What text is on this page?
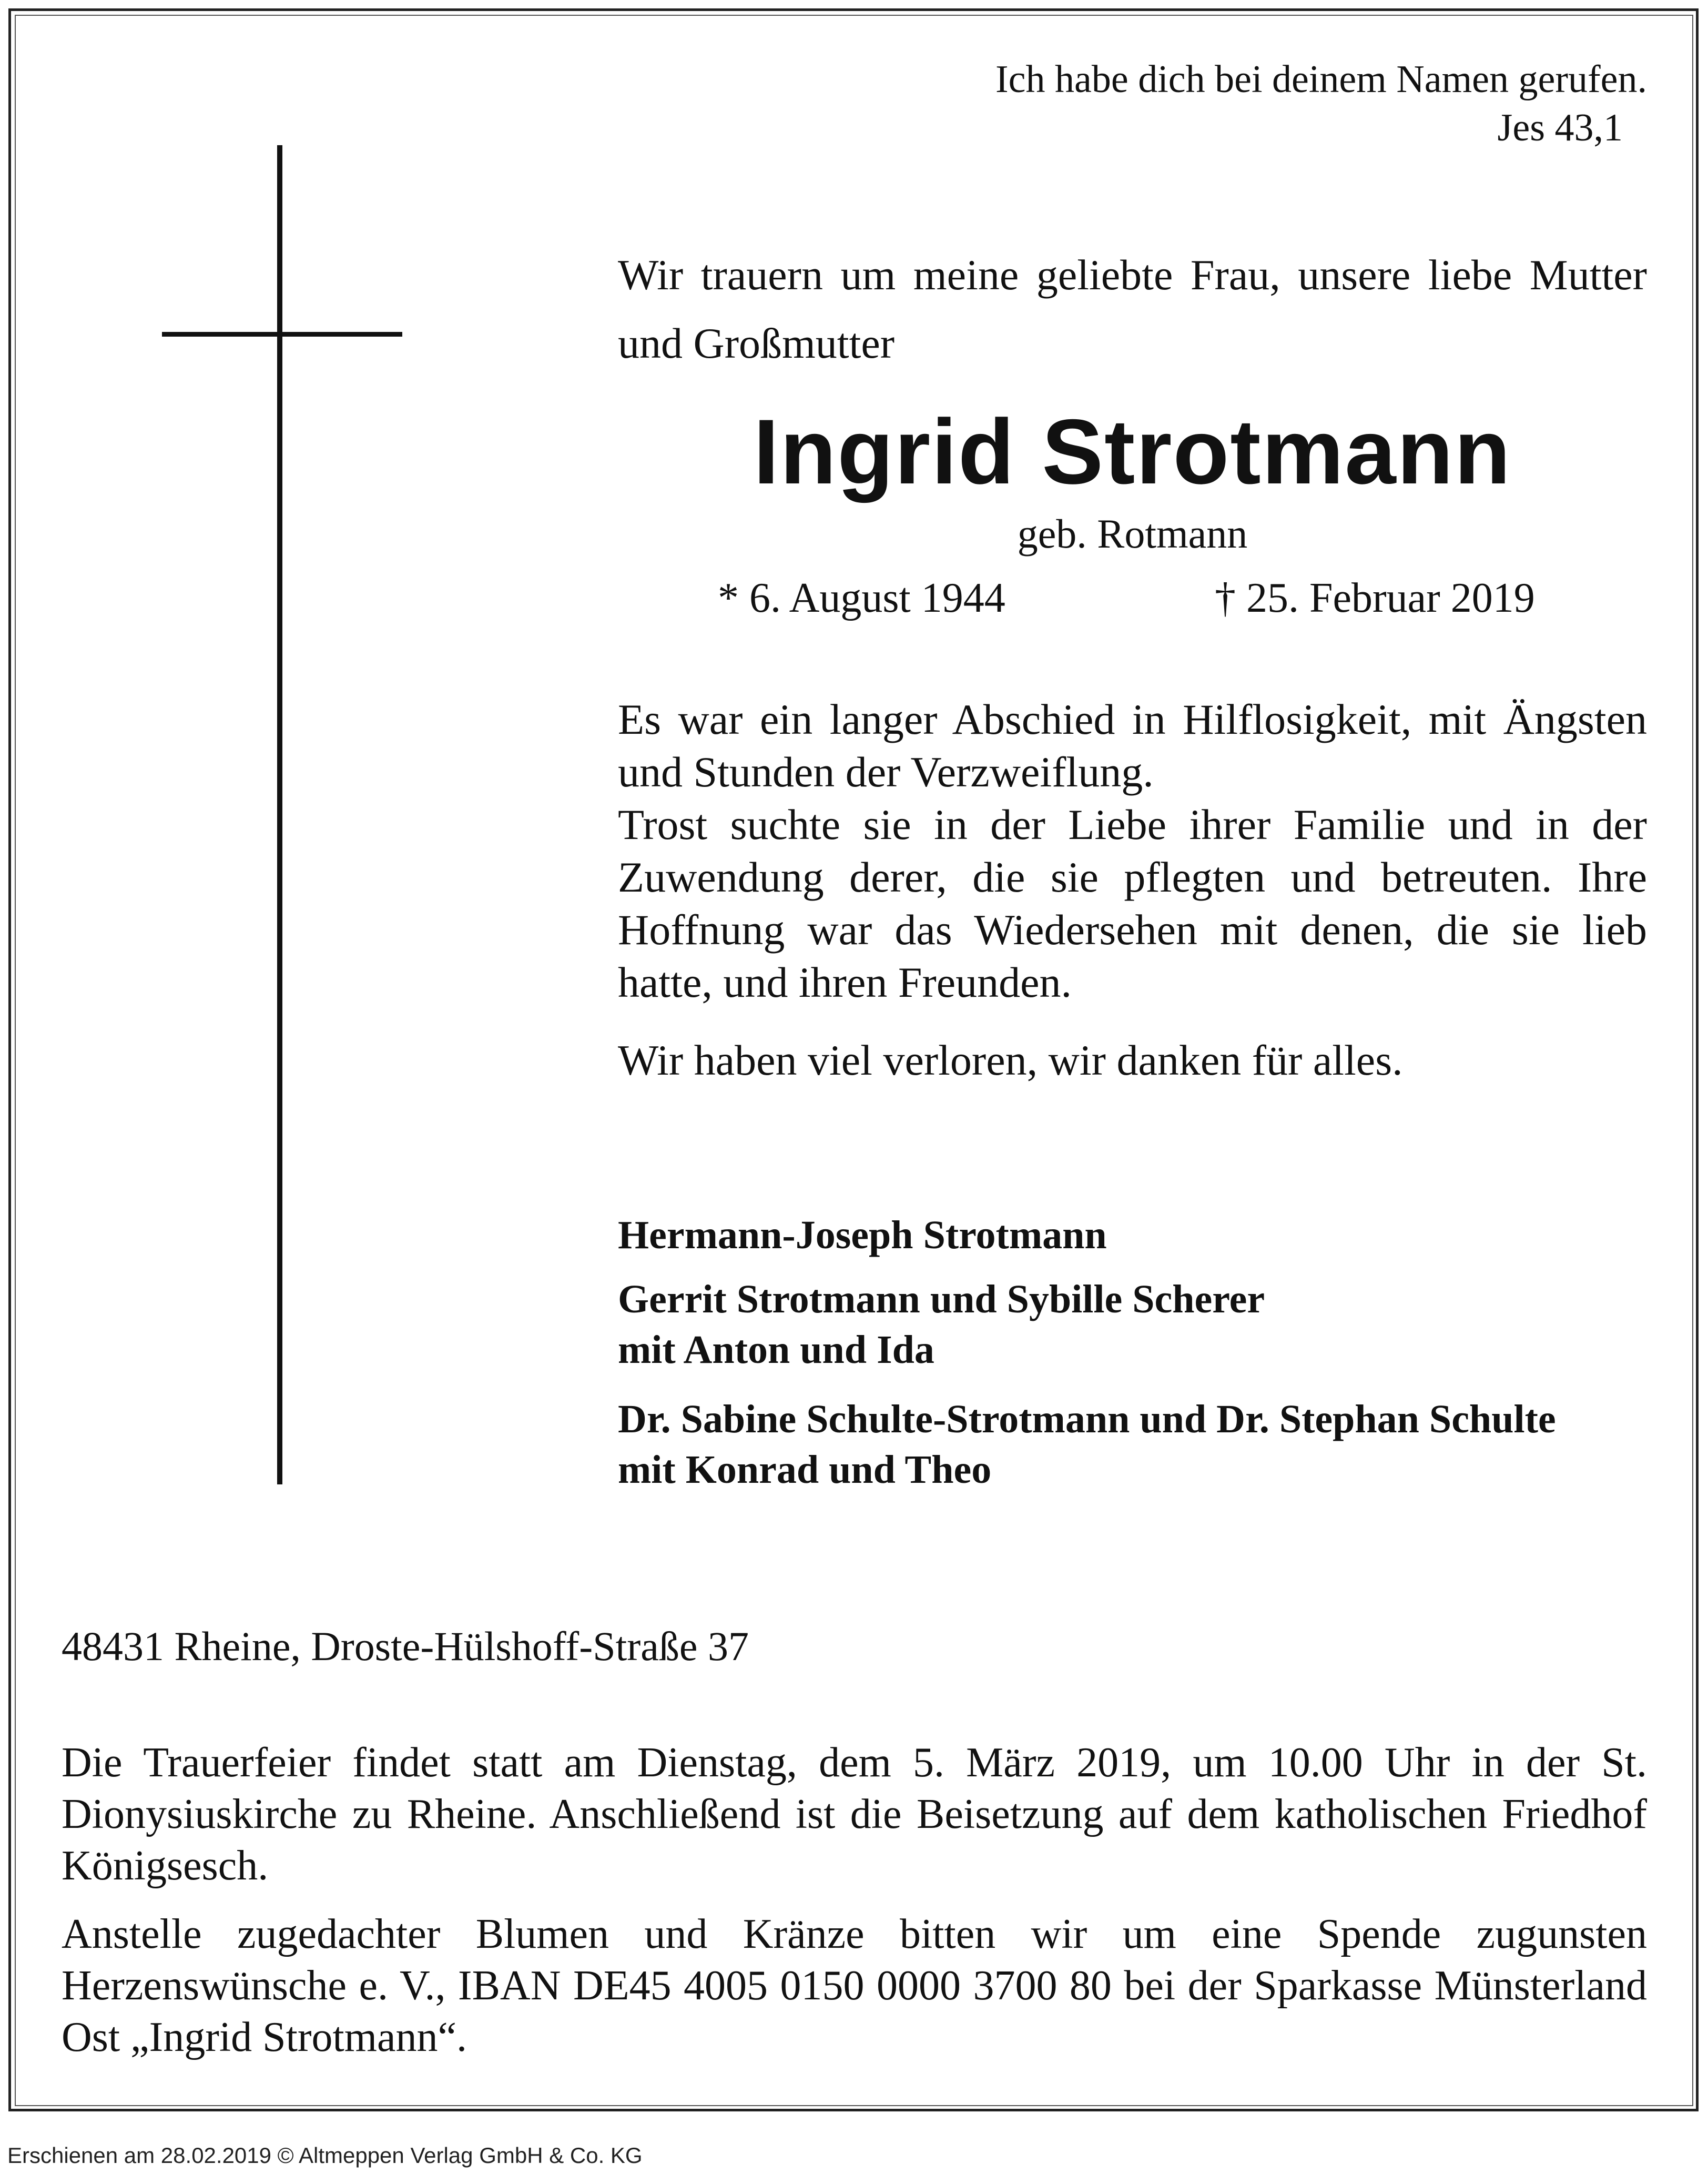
Ich habe dich bei deinem Namen gerufen.
Jes 43,1
Wir trauern um meine geliebte Frau, unsere liebe Mutter und Großmutter
Ingrid Strotmann
geb. Rotmann
* 6. August 1944	† 25. Februar 2019
Es war ein langer Abschied in Hilflosigkeit, mit Ängsten und Stunden der Verzweiflung.
Trost suchte sie in der Liebe ihrer Familie und in der Zuwendung derer, die sie pflegten und betreuten. Ihre Hoffnung war das Wiedersehen mit denen, die sie lieb hatte, und ihren Freunden.
Wir haben viel verloren, wir danken für alles.
Hermann-Joseph Strotmann
Gerrit Strotmann und Sybille Scherer
mit Anton und Ida
Dr. Sabine Schulte-Strotmann und Dr. Stephan Schulte
mit Konrad und Theo
48431 Rheine, Droste-Hülshoff-Straße 37
Die Trauerfeier findet statt am Dienstag, dem 5. März 2019, um 10.00 Uhr in der St. Dionysiuskirche zu Rheine. Anschließend ist die Beisetzung auf dem katholischen Friedhof Königsesch.
Anstelle zugedachter Blumen und Kränze bitten wir um eine Spende zugunsten Herzenswünsche e. V., IBAN DE45 4005 0150 0000 3700 80 bei der Sparkasse Münsterland Ost „Ingrid Strotmann“.
Erschienen am 28.02.2019 © Altmeppen Verlag GmbH & Co. KG
